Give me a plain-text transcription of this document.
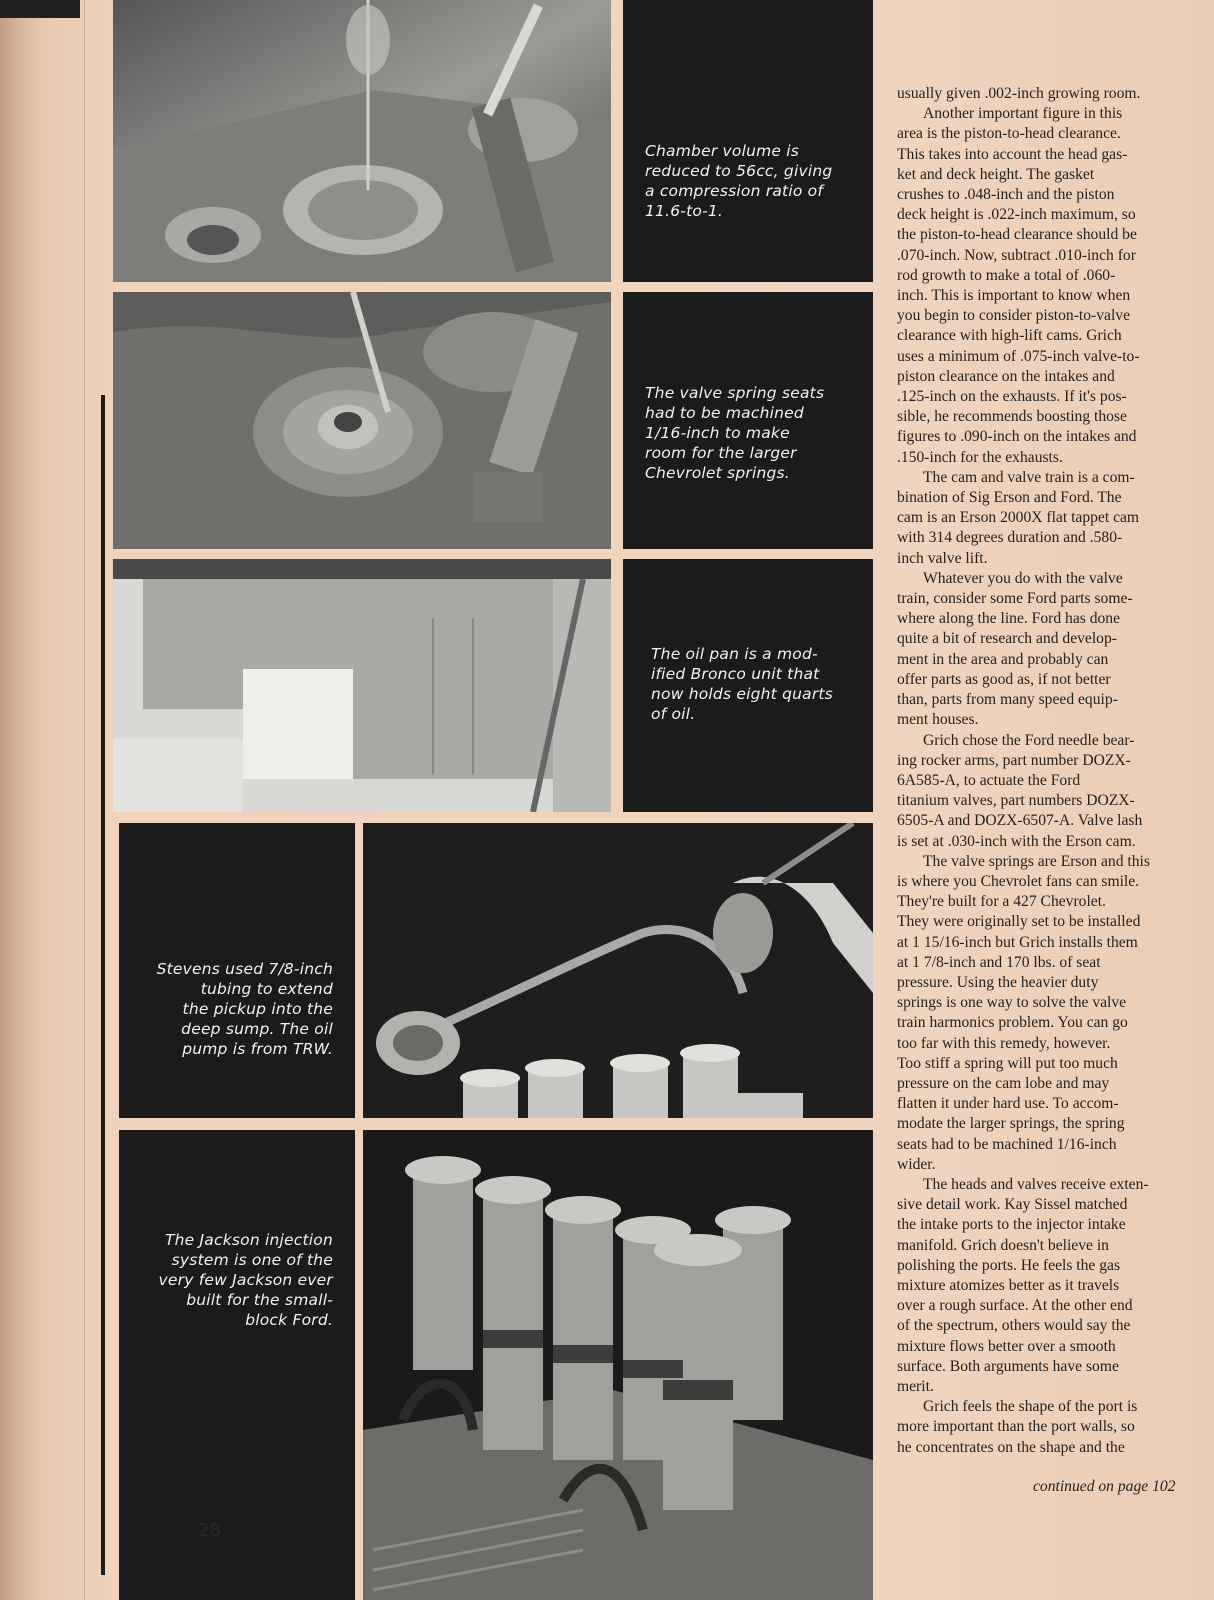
Chamber volume is
reduced to 56cc, giving
a compression ratio of
11.6-to-1.
The valve spring seats
had to be machined
1/16-inch to make
room for the larger
Chevrolet springs.
The oil pan is a mod-
ified Bronco unit that
now holds eight quarts
of oil.
Stevens used 7/8-inch
tubing to extend
the pickup into the
deep sump. The oil
pump is from TRW.
The Jackson injection
system is one of the
very few Jackson ever
built for the small-
block Ford.

usually given .002-inch growing room.

Another important figure in this

area is the piston-to-head clearance.

This takes into account the head gas-

ket and deck height. The gasket

crushes to .048-inch and the piston

deck height is .022-inch maximum, so

the piston-to-head clearance should be

.070-inch. Now, subtract .010-inch for

rod growth to make a total of .060-

inch. This is important to know when

you begin to consider piston-to-valve

clearance with high-lift cams. Grich

uses a minimum of .075-inch valve-to-

piston clearance on the intakes and

.125-inch on the exhausts. If it's pos-

sible, he recommends boosting those

figures to .090-inch on the intakes and

.150-inch for the exhausts.

The cam and valve train is a com-

bination of Sig Erson and Ford. The

cam is an Erson 2000X flat tappet cam

with 314 degrees duration and .580-

inch valve lift.

Whatever you do with the valve

train, consider some Ford parts some-

where along the line. Ford has done

quite a bit of research and develop-

ment in the area and probably can

offer parts as good as, if not better

than, parts from many speed equip-

ment houses.

Grich chose the Ford needle bear-

ing rocker arms, part number DOZX-

6A585-A, to actuate the Ford

titanium valves, part numbers DOZX-

6505-A and DOZX-6507-A. Valve lash

is set at .030-inch with the Erson cam.

The valve springs are Erson and this

is where you Chevrolet fans can smile.

They're built for a 427 Chevrolet.

They were originally set to be installed

at 1 15/16-inch but Grich installs them

at 1 7/8-inch and 170 lbs. of seat

pressure. Using the heavier duty

springs is one way to solve the valve

train harmonics problem. You can go

too far with this remedy, however.

Too stiff a spring will put too much

pressure on the cam lobe and may

flatten it under hard use. To accom-

modate the larger springs, the spring

seats had to be machined 1/16-inch

wider.

The heads and valves receive exten-

sive detail work. Kay Sissel matched

the intake ports to the injector intake

manifold. Grich doesn't believe in

polishing the ports. He feels the gas

mixture atomizes better as it travels

over a rough surface. At the other end

of the spectrum, others would say the

mixture flows better over a smooth

surface. Both arguments have some

merit.

Grich feels the shape of the port is

more important than the port walls, so

he concentrates on the shape and the

continued on page 102
28
